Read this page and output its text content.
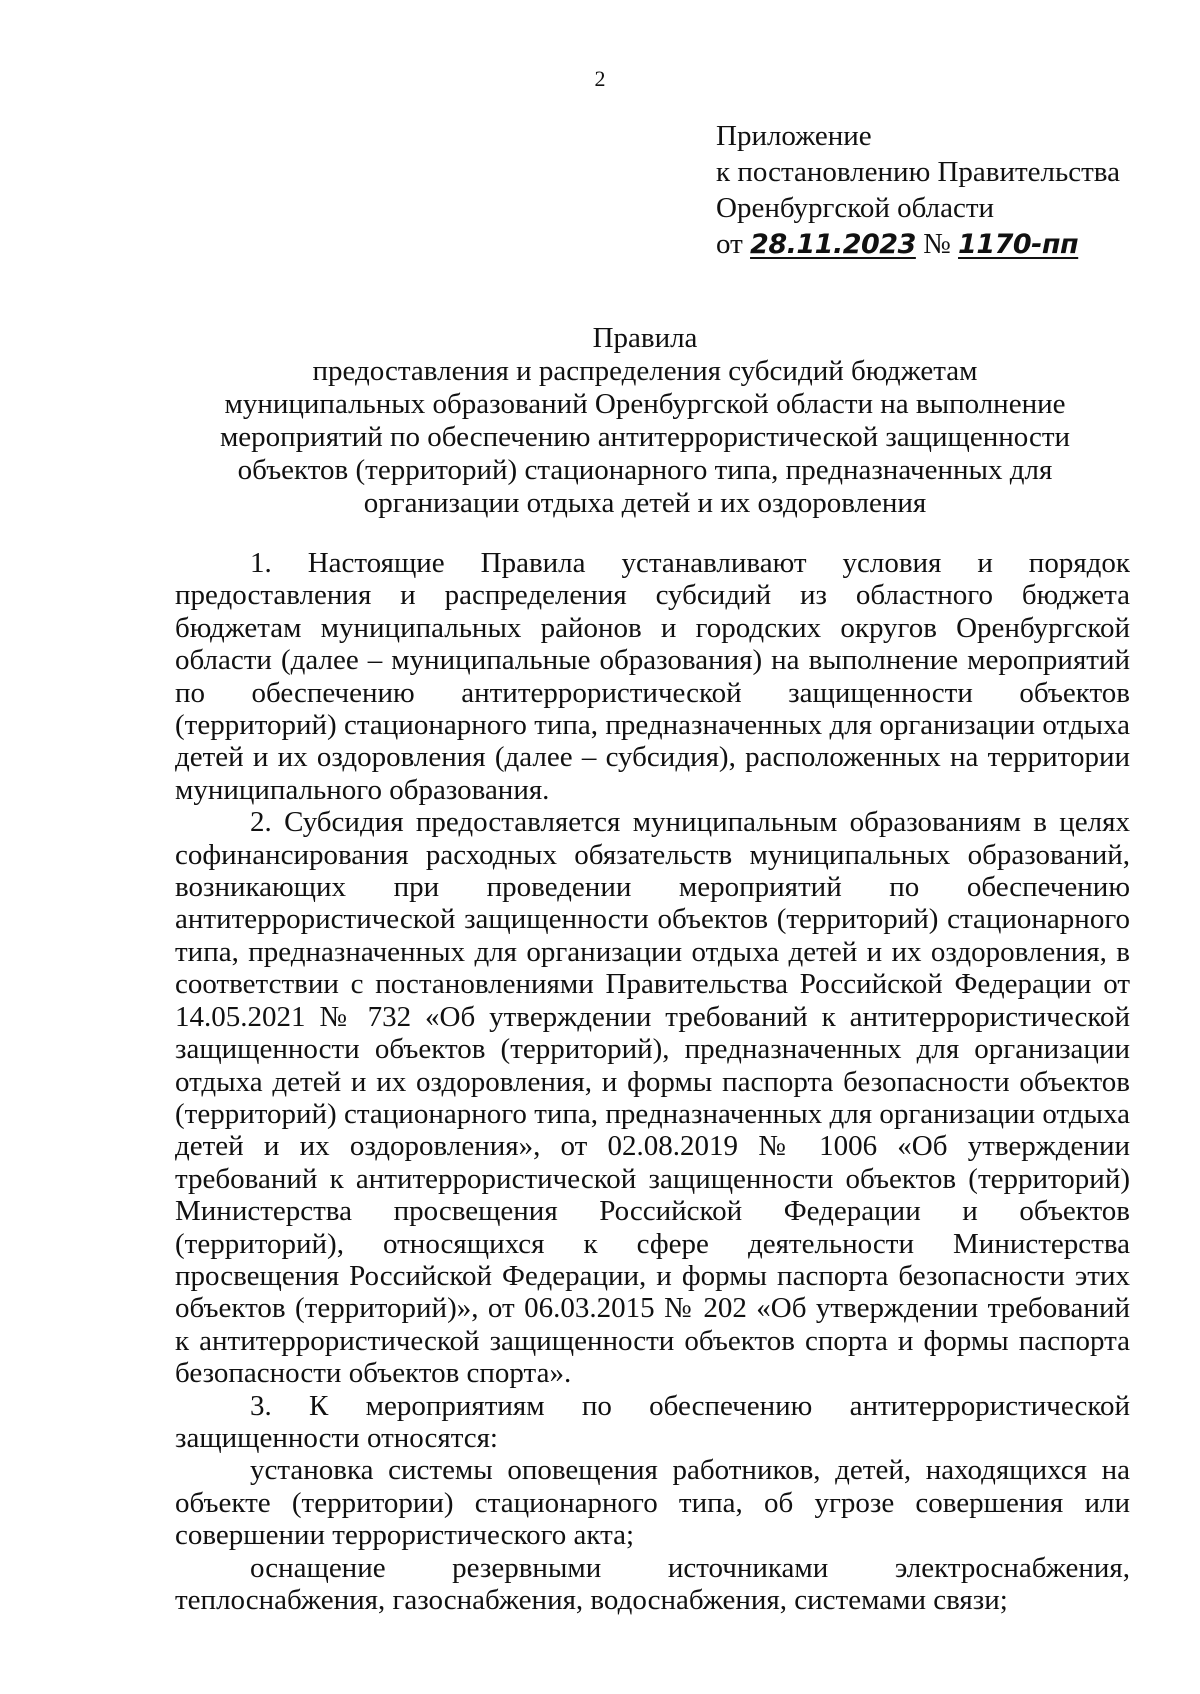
2
Приложение
к постановлению Правительства
Оренбургской области
от 28.11.2023 № 1170-пп
Правила
предоставления и распределения субсидий бюджетам
муниципальных образований Оренбургской области на выполнение
мероприятий по обеспечению антитеррористической защищенности
объектов (территорий) стационарного типа, предназначенных для
организации отдыха детей и их оздоровления

1. Настоящие Правила устанавливают условия и порядок предоставления и распределения субсидий из областного бюджета бюджетам муниципальных районов и городских округов Оренбургской области (далее – муниципальные образования) на выполнение мероприятий по обеспечению антитеррористической защищенности объектов (территорий) стационарного типа, предназначенных для организации отдыха детей и их оздоровления (далее – субсидия), расположенных на территории муниципального образования.

2. Субсидия предоставляется муниципальным образованиям в целях софинансирования расходных обязательств муниципальных образований, возникающих при проведении мероприятий по обеспечению антитеррористической защищенности объектов (территорий) стационарного типа, предназначенных для организации отдыха детей и их оздоровления, в соответствии с постановлениями Правительства Российской Федерации от 14.05.2021 № 732 «Об утверждении требований к антитеррористической защищенности объектов (территорий), предназначенных для организации отдыха детей и их оздоровления, и формы паспорта безопасности объектов (территорий) стационарного типа, предназначенных для организации отдыха детей и их оздоровления», от 02.08.2019 № 1006 «Об утверждении требований к антитеррористической защищенности объектов (территорий) Министерства просвещения Российской Федерации и объектов (территорий), относящихся к сфере деятельности Министерства просвещения Российской Федерации, и формы паспорта безопасности этих объектов (территорий)», от 06.03.2015 № 202 «Об утверждении требований к антитеррористической защищенности объектов спорта и формы паспорта безопасности объектов спорта».

3. К мероприятиям по обеспечению антитеррористической защищенности относятся:

установка системы оповещения работников, детей, находящихся на объекте (территории) стационарного типа, об угрозе совершения или совершении террористического акта;

оснащение резервными источниками электроснабжения, теплоснабжения, газоснабжения, водоснабжения, системами связи;
